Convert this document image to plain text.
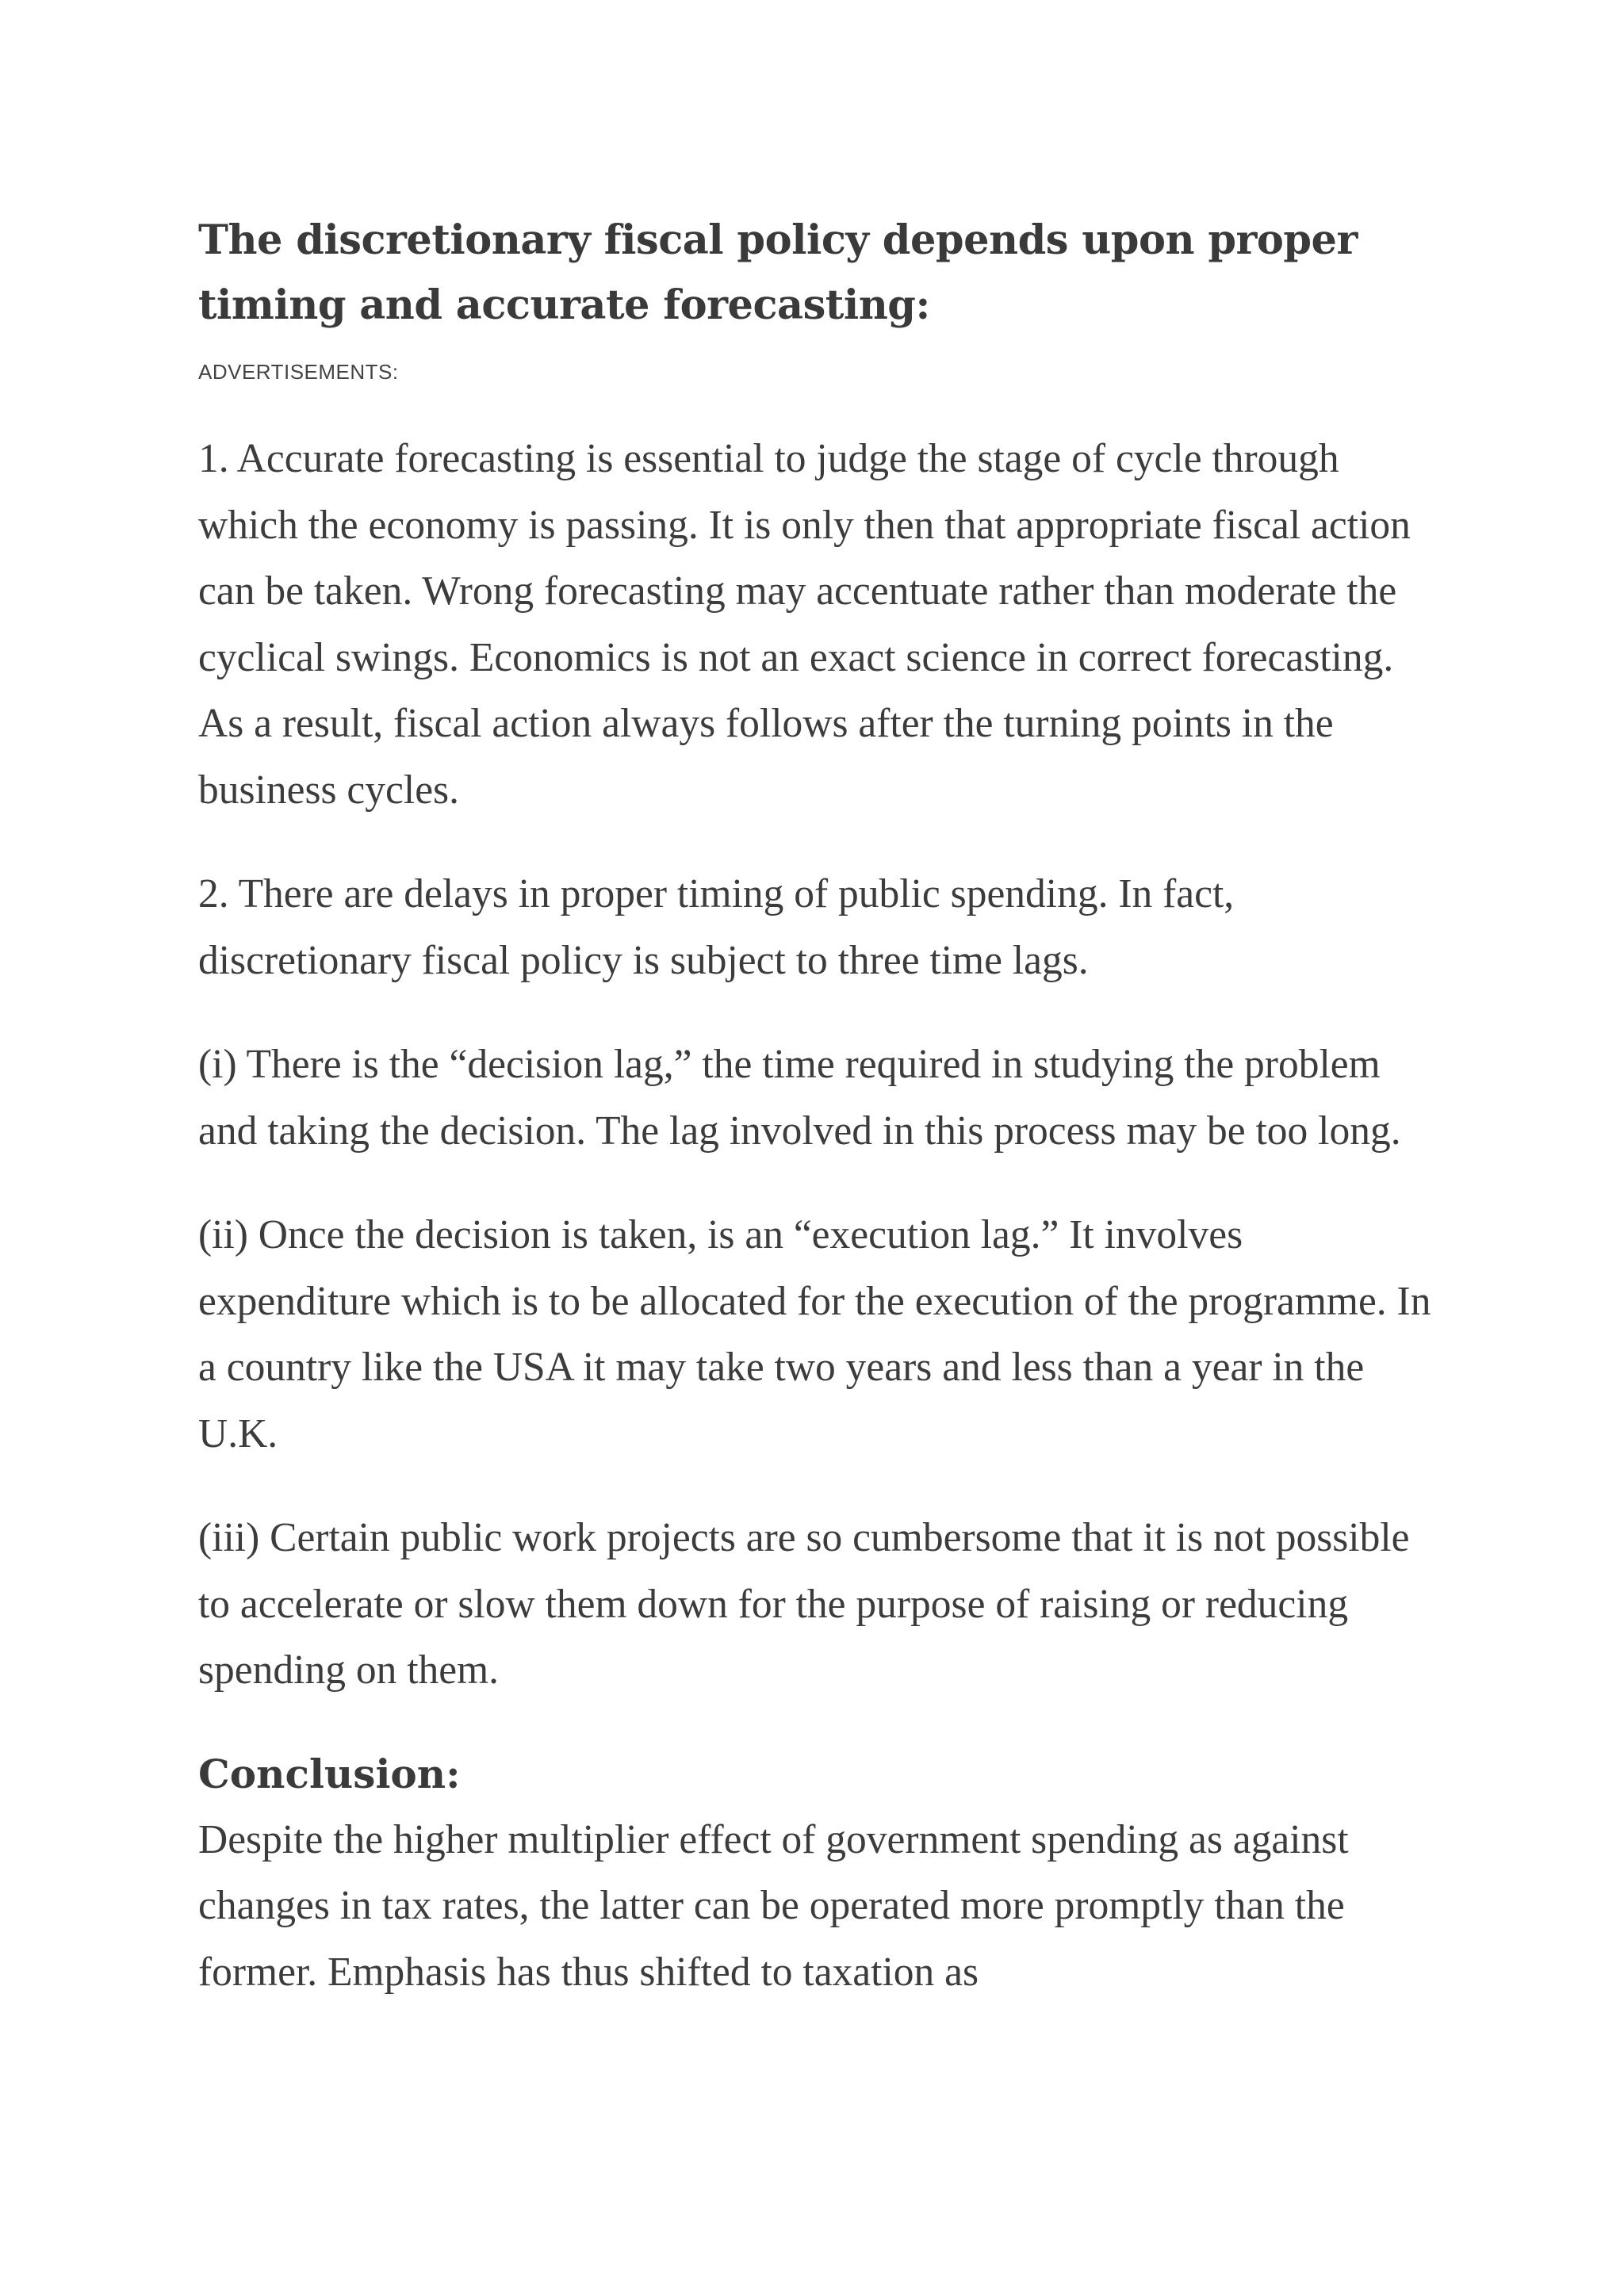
The discretionary fiscal policy depends upon proper timing and accurate forecasting:
ADVERTISEMENTS:

1. Accurate forecasting is essential to judge the stage of cycle through which the economy is passing. It is only then that appropriate fiscal action can be taken. Wrong forecasting may accentuate rather than moderate the cyclical swings. Economics is not an exact science in correct forecasting. As a result, fiscal action always follows after the turning points in the business cycles.

2. There are delays in proper timing of public spending. In fact, discretionary fiscal policy is subject to three time lags.

(i) There is the “decision lag,” the time required in studying the problem and taking the decision. The lag involved in this process may be too long.

(ii) Once the decision is taken, is an “execution lag.” It involves expenditure which is to be allocated for the execution of the programme. In a country like the USA it may take two years and less than a year in the U.K.

(iii) Certain public work projects are so cumbersome that it is not possible to accelerate or slow them down for the purpose of raising or reducing spending on them.

Conclusion:

Despite the higher multiplier effect of government spending as against changes in tax rates, the latter can be operated more promptly than the former. Emphasis has thus shifted to taxation as
